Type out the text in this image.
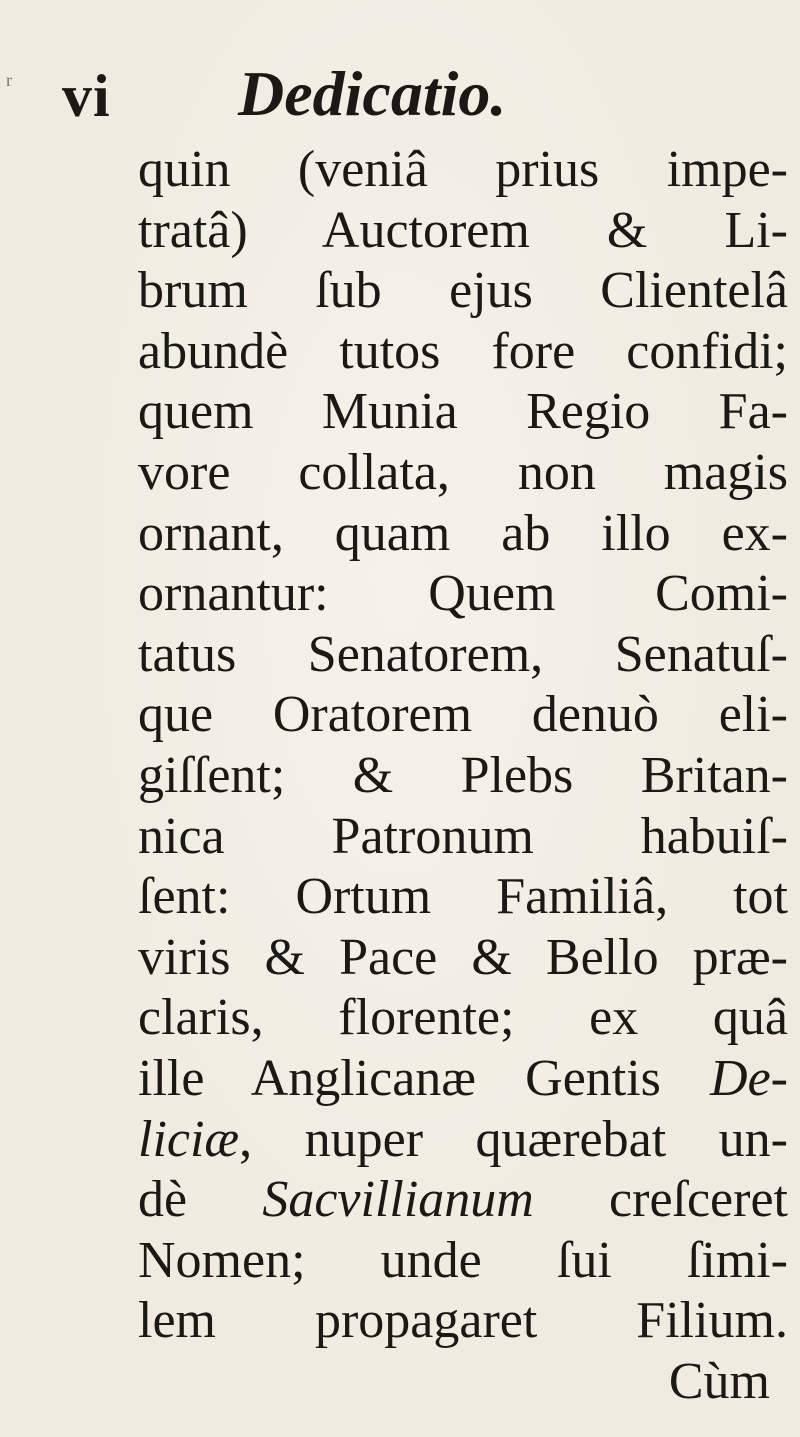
r vi Dedicatio.
quin (veniâ prius impe-
tratâ) Auctorem & Li-
brum ſub ejus Clientelâ
abundè tutos fore confidi;
quem Munia Regio Fa-
vore collata, non magis
ornant, quam ab illo ex-
ornantur: Quem Comi-
tatus Senatorem, Senatuſ-
que Oratorem denuò eli-
giſſent; & Plebs Britan-
nica Patronum habuiſ-
ſent: Ortum Familiâ, tot
viris & Pace & Bello præ-
claris, florente; ex quâ
ille Anglicanæ Gentis De-
liciæ, nuper quærebat un-
dè Sacvillianum creſceret
Nomen; unde ſui ſimi-
lem propagaret Filium.
Cùm
